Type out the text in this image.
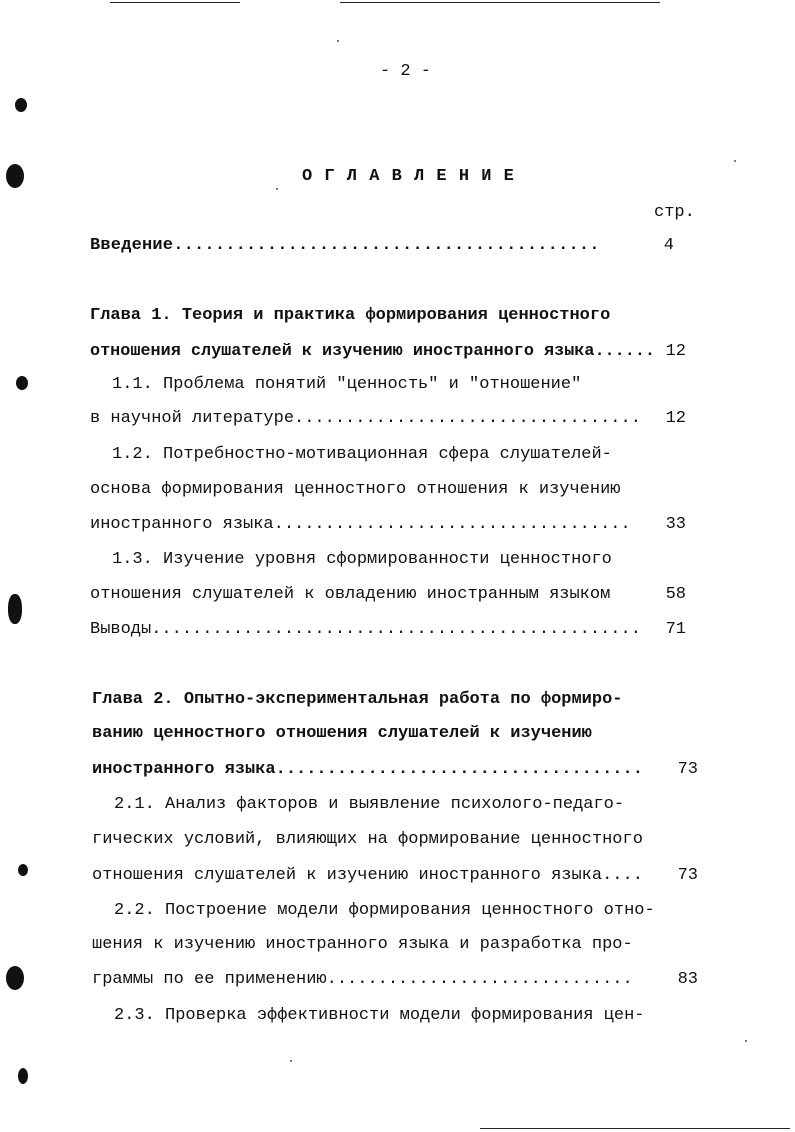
- 2 -
О Г Л А В Л Е Н И Е
стр.
Введение.........................................	4
Глава 1. Теория и практика формирования ценностного
отношения слушателей к изучению иностранного языка...... 12
1.1. Проблема понятий "ценность" и "отношение"
в научной литературе..................................	12
1.2. Потребностно-мотивационная сфера слушателей-
основа формирования ценностного отношения к изучению
иностранного языка...................................	33
1.3. Изучение уровня сформированности ценностного
отношения слушателей к овладению иностранным языком	58
Выводы................................................	71
Глава 2. Опытно-экспериментальная работа по формиро-
ванию ценностного отношения слушателей к изучению
иностранного языка....................................	73
2.1. Анализ факторов и выявление психолого-педаго-
гических условий, влияющих на формирование ценностного
отношения слушателей к изучению иностранного языка....	73
2.2. Построение модели формирования ценностного отно-
шения к изучению иностранного языка и разработка про-
граммы по ее применению..............................	83
2.3. Проверка эффективности модели формирования цен-
